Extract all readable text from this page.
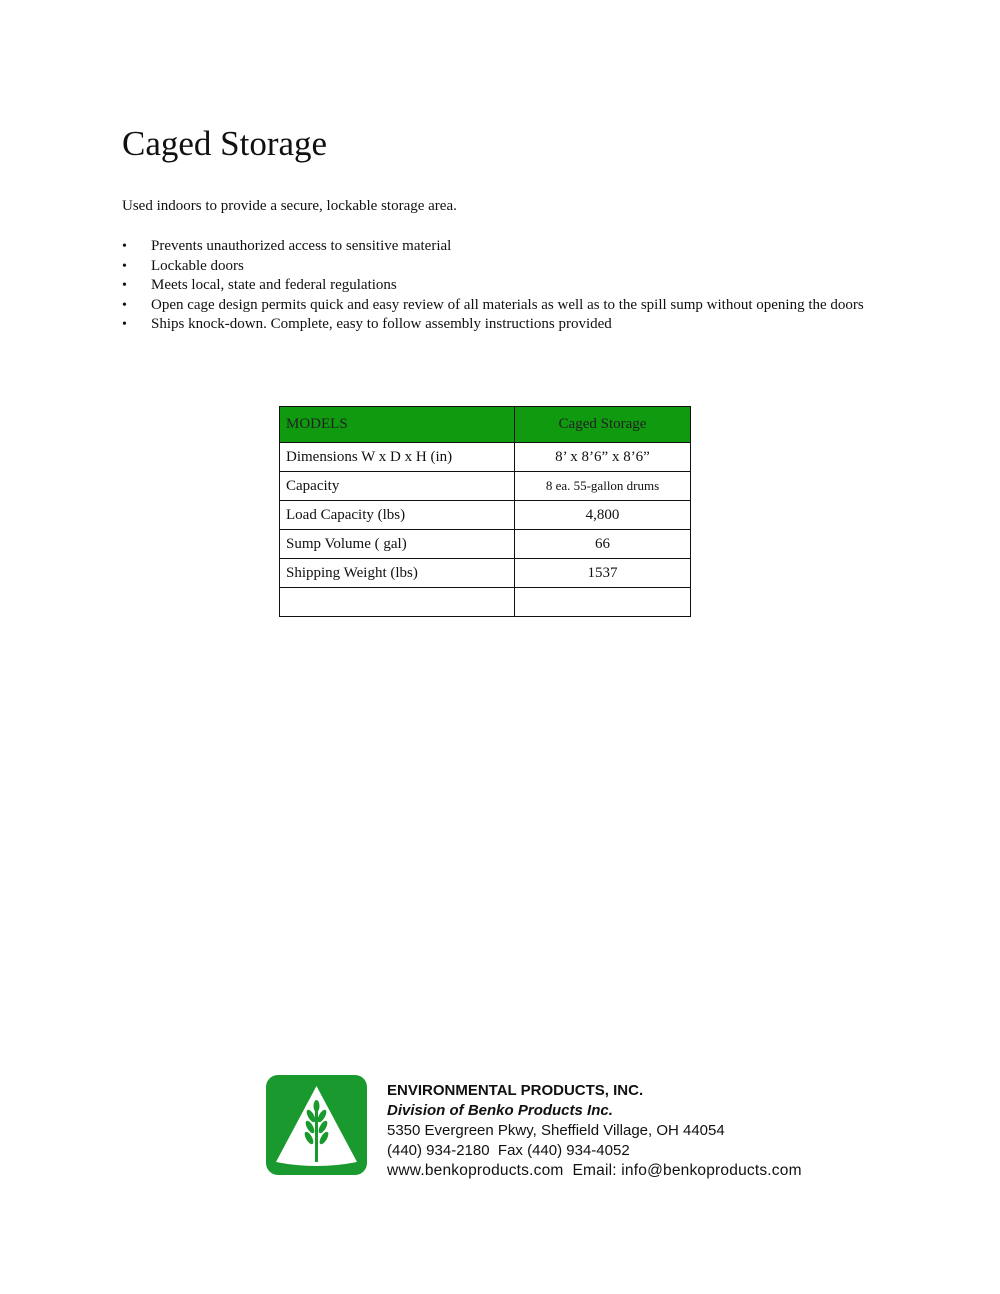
Caged Storage

Used indoors to provide a secure, lockable storage area.

• Prevents unauthorized access to sensitive material
• Lockable doors
• Meets local, state and federal regulations
• Open cage design permits quick and easy review of all materials as well as to the spill sump without opening the doors
• Ships knock-down. Complete, easy to follow assembly instructions provided
MODELS	Caged Storage
Dimensions W x D x H (in)	8’ x 8’6” x 8’6”
Capacity	8 ea. 55-gallon drums
Load Capacity (lbs)	4,800
Sump Volume ( gal)	66
Shipping Weight (lbs)	1537

ENVIRONMENTAL PRODUCTS, INC.
Division of Benko Products Inc.
5350 Evergreen Pkwy, Sheffield Village, OH 44054
(440) 934-2180  Fax (440) 934-4052
www.benkoproducts.com  Email: info@benkoproducts.com
